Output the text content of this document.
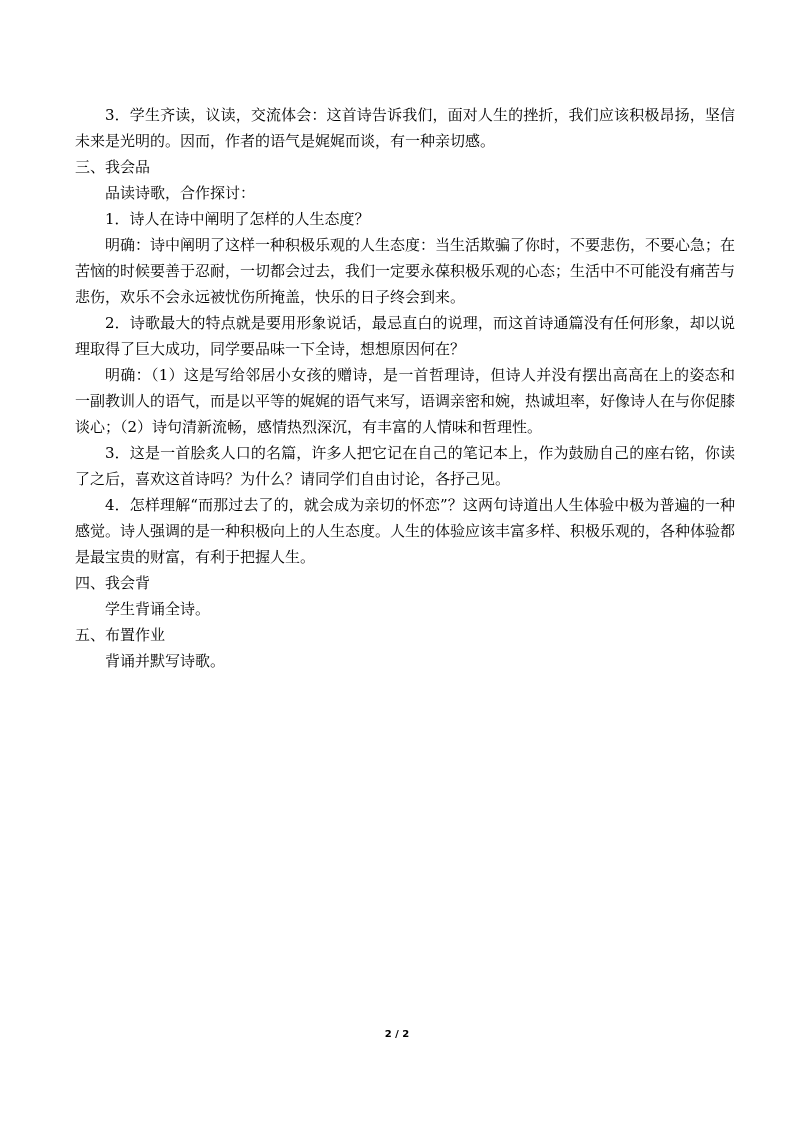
3．学生齐读，议读，交流体会：这首诗告诉我们，面对人生的挫折，我们应该积极昂扬，坚信未来是光明的。因而，作者的语气是娓娓而谈，有一种亲切感。

三、我会品

品读诗歌，合作探讨：

1．诗人在诗中阐明了怎样的人生态度？

明确：诗中阐明了这样一种积极乐观的人生态度：当生活欺骗了你时，不要悲伤，不要心急；在苦恼的时候要善于忍耐，一切都会过去，我们一定要永葆积极乐观的心态；生活中不可能没有痛苦与悲伤，欢乐不会永远被忧伤所掩盖，快乐的日子终会到来。

2．诗歌最大的特点就是要用形象说话，最忌直白的说理，而这首诗通篇没有任何形象，却以说理取得了巨大成功，同学要品味一下全诗，想想原因何在？

明确：（1）这是写给邻居小女孩的赠诗，是一首哲理诗，但诗人并没有摆出高高在上的姿态和一副教训人的语气，而是以平等的娓娓的语气来写，语调亲密和婉，热诚坦率，好像诗人在与你促膝谈心；（2）诗句清新流畅，感情热烈深沉，有丰富的人情味和哲理性。

3．这是一首脍炙人口的名篇，许多人把它记在自己的笔记本上，作为鼓励自己的座右铭，你读了之后，喜欢这首诗吗？为什么？请同学们自由讨论，各抒己见。

4．怎样理解“而那过去了的，就会成为亲切的怀恋”？这两句诗道出人生体验中极为普遍的一种感觉。诗人强调的是一种积极向上的人生态度。人生的体验应该丰富多样、积极乐观的，各种体验都是最宝贵的财富，有利于把握人生。

四、我会背

学生背诵全诗。

五、布置作业

背诵并默写诗歌。

2 / 2
